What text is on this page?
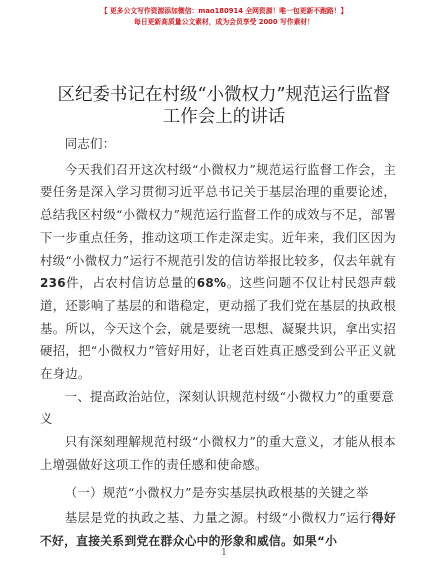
【 更多公文写作资源添加微信：mao180914 全网资源！唯一包更新不跑路！】
每日更新高质量公文素材，成为会员享受 2000 写作素材！
区纪委书记在村级“小微权力”规范运行监督
工作会上的讲话

同志们：

今天我们召开这次村级“小微权力”规范运行监督工作会，主要任务是深入学习贯彻习近平总书记关于基层治理的重要论述，总结我区村级“小微权力”规范运行监督工作的成效与不足，部署下一步重点任务，推动这项工作走深走实。近年来，我们区因为村级“小微权力”运行不规范引发的信访举报比较多，仅去年就有236件，占农村信访总量的68%。这些问题不仅让村民怨声载道，还影响了基层的和谐稳定，更动摇了我们党在基层的执政根基。所以，今天这个会，就是要统一思想、凝聚共识，拿出实招硬招，把“小微权力”管好用好，让老百姓真正感受到公平正义就在身边。

一、提高政治站位，深刻认识规范村级“小微权力”的重要意义

只有深刻理解规范村级“小微权力”的重大意义，才能从根本上增强做好这项工作的责任感和使命感。

（一）规范“小微权力”是夯实基层执政根基的关键之举

基层是党的执政之基、力量之源。村级“小微权力”运行得好不好，直接关系到党在群众心中的形象和威信。如果“小

1
